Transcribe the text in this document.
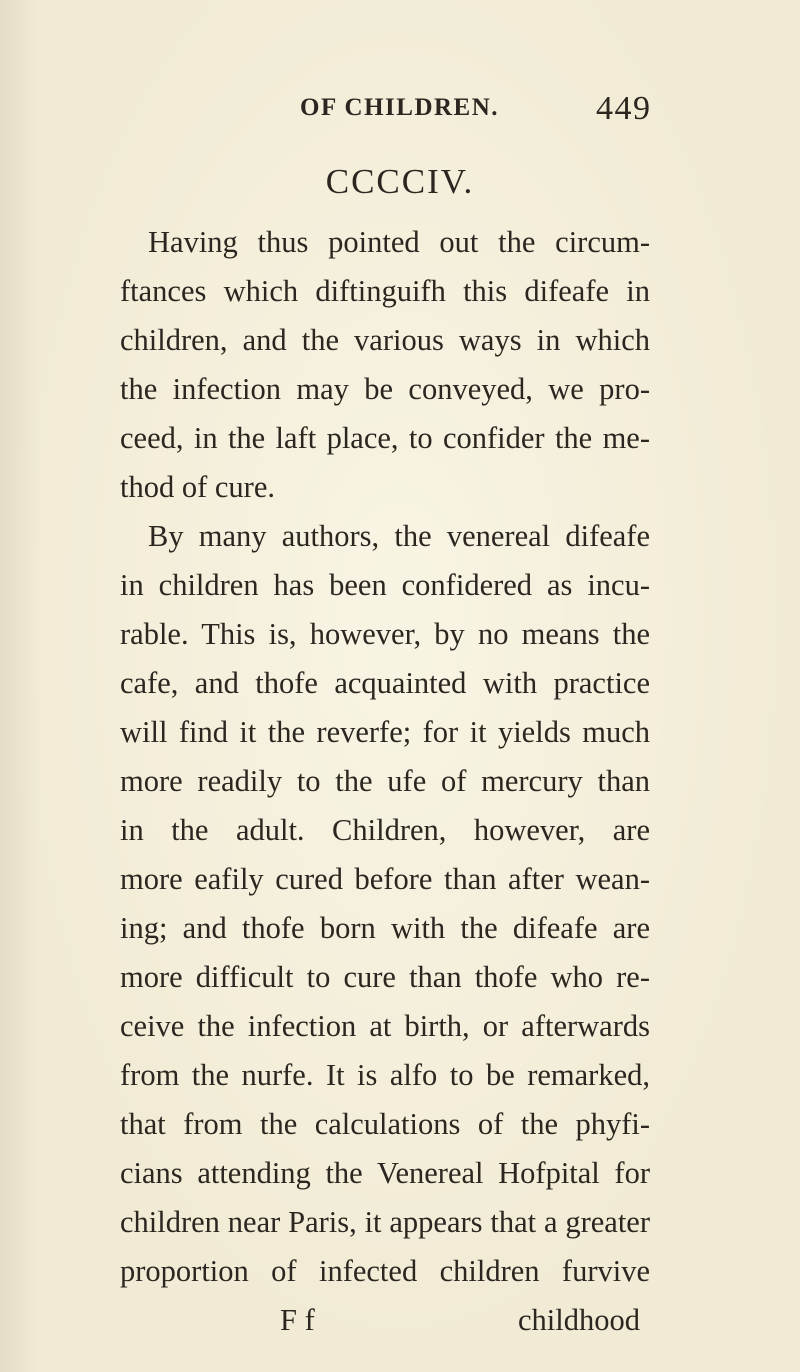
OF CHILDREN.	449
CCCCIV.
Having thus pointed out the circum-
ftances which diftinguifh this difeafe in
children, and the various ways in which
the infection may be conveyed, we pro-
ceed, in the laft place, to confider the me-
thod of cure.
By many authors, the venereal difeafe
in children has been confidered as incu-
rable. This is, however, by no means the
cafe, and thofe acquainted with practice
will find it the reverfe; for it yields much
more readily to the ufe of mercury than
in the adult. Children, however, are
more eafily cured before than after wean-
ing; and thofe born with the difeafe are
more difficult to cure than thofe who re-
ceive the infection at birth, or afterwards
from the nurfe. It is alfo to be remarked,
that from the calculations of the phyfi-
cians attending the Venereal Hofpital for
children near Paris, it appears that a greater
proportion of infected children furvive
F f	childhood
